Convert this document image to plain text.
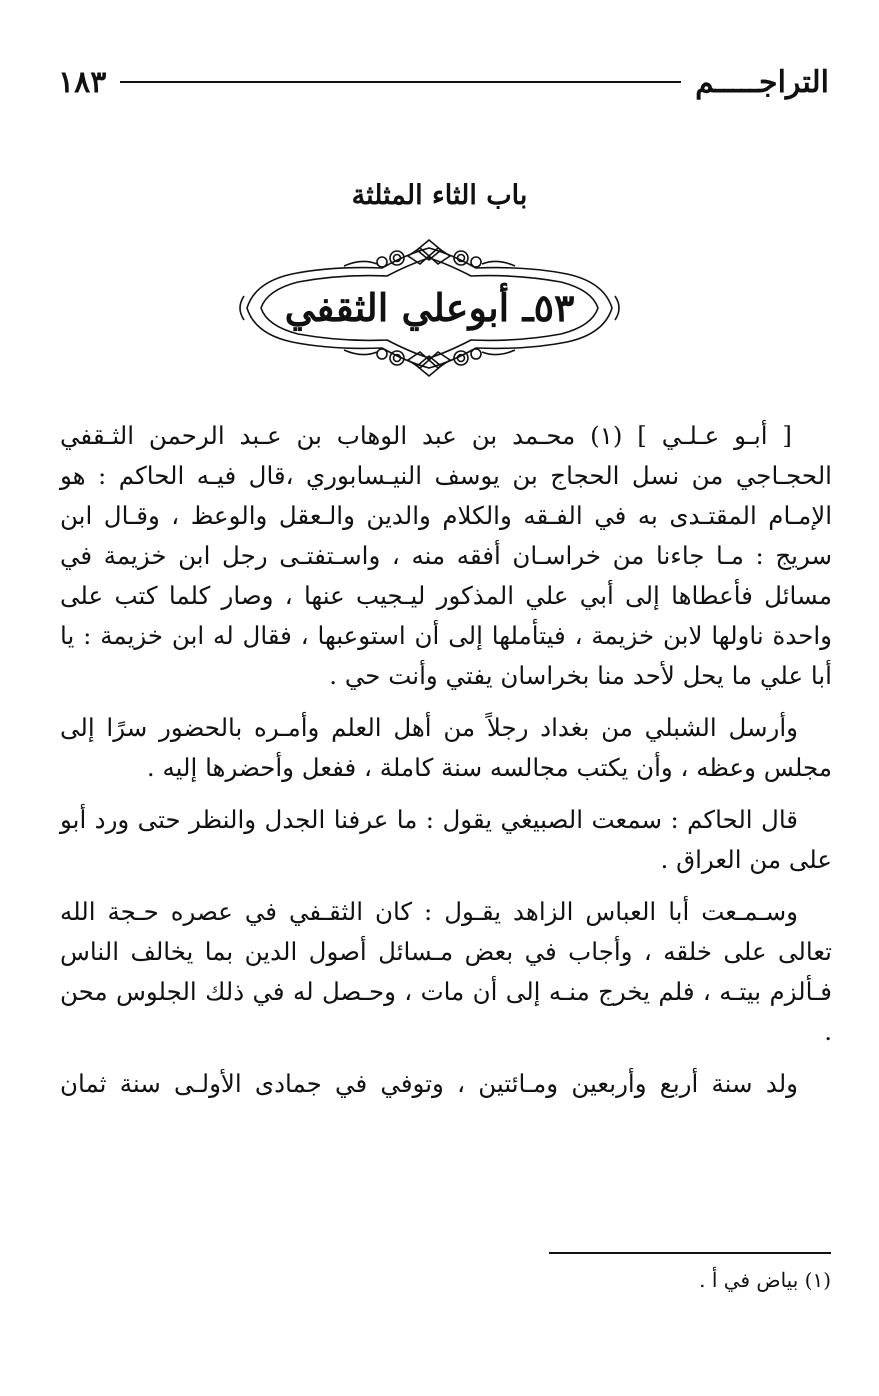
التراجـــــم
١٨٣
باب الثاء المثلثة
٥٣ـ أبوعلي الثقفي

[ أبـو عـلـي ] (١) محـمد بن عبد الوهاب بن عـبد الرحمن الثـقفي الحجـاجي من نسل الحجاج بن يوسف النيـسابوري ،قال فيـه الحاكم : هو الإمـام المقتـدى به في الفـقه والكلام والدين والـعقل والوعظ ، وقـال ابن سريج : مـا جاءنا من خراسـان أفقه منه ، واسـتفتـى رجل ابن خزيمة في مسائل فأعطاها إلى أبي علي المذكور ليـجيب عنها ، وصار كلما كتب على واحدة ناولها لابن خزيمة ، فيتأملها إلى أن استوعبها ، فقال له ابن خزيمة : يا أبا علي ما يحل لأحد منا بخراسان يفتي وأنت حي .

وأرسل الشبلي من بغداد رجلاً من أهل العلم وأمـره بالحضور سرًا إلى مجلس وعظه ، وأن يكتب مجالسه سنة كاملة ، ففعل وأحضرها إليه .

قال الحاكم : سمعت الصبيغي يقول : ما عرفنا الجدل والنظر حتى ورد أبو على من العراق .

وسـمـعت أبا العباس الزاهد يقـول : كان الثقـفي في عصره حـجة الله تعالى على خلقه ، وأجاب في بعض مـسائل أصول الدين بما يخالف الناس فـألزم بيتـه ، فلم يخرج منـه إلى أن مات ، وحـصل له في ذلك الجلوس محن .

ولد سنة أربع وأربعين ومـائتين ، وتوفي في جمادى الأولـى سنة ثمان

(١) بياض في أ .
